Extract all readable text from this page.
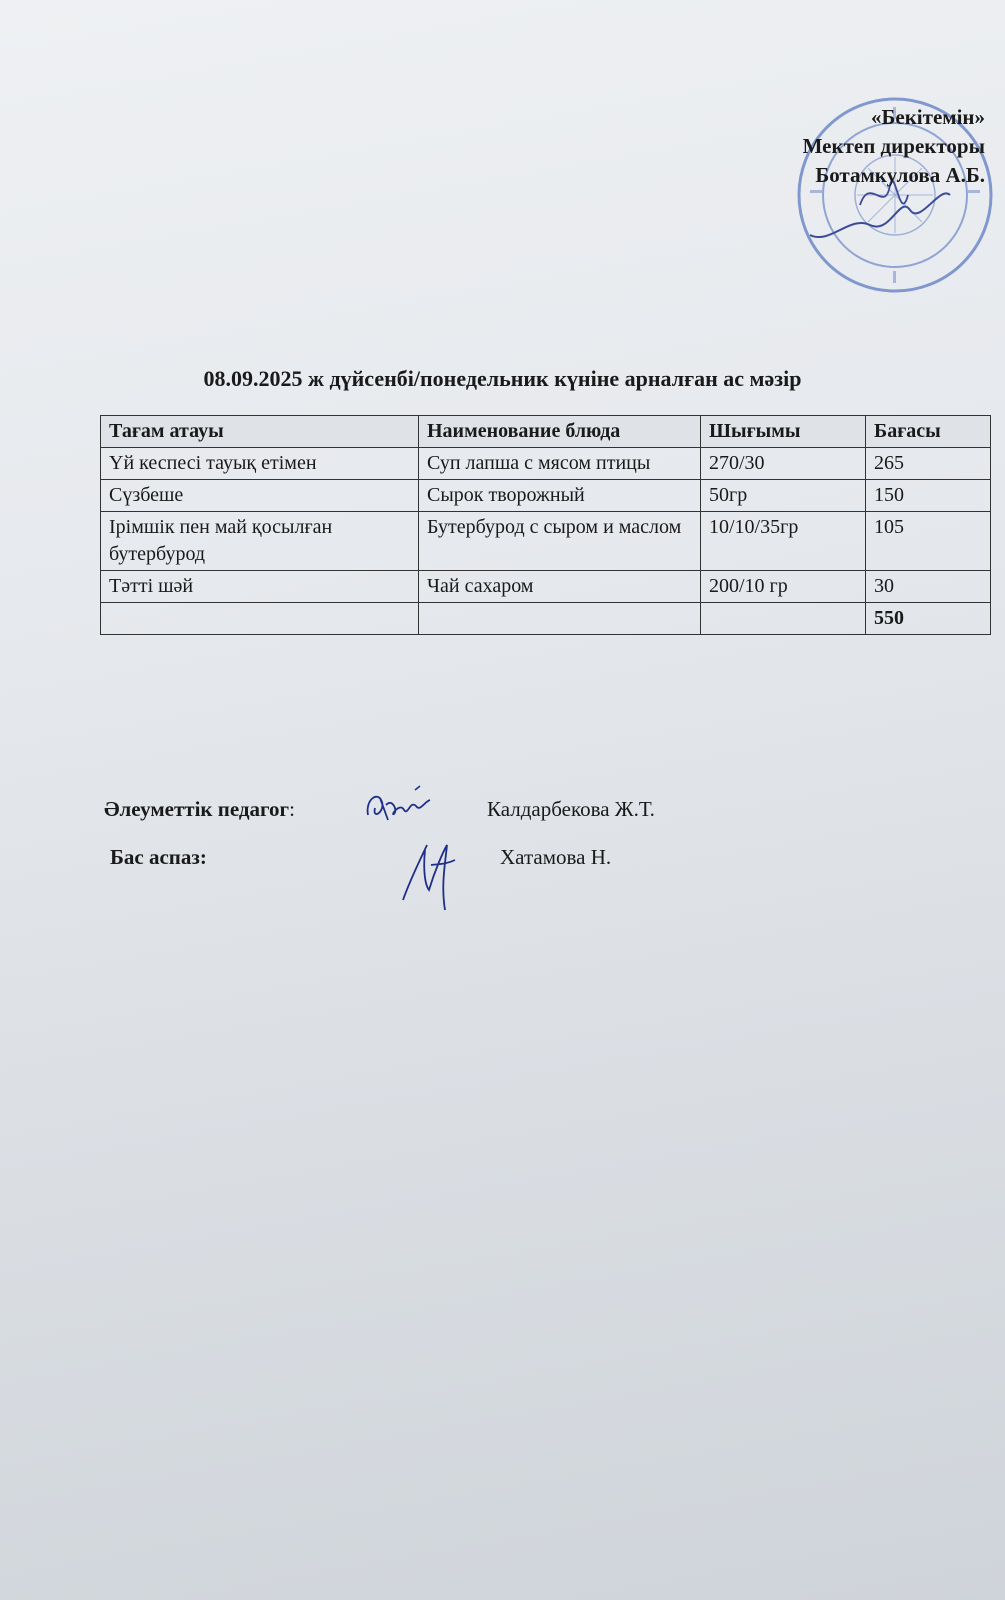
«Бекітемін»
Мектеп директоры
Ботамкулова А.Б.
08.09.2025 ж дүйсенбі/понедельник күніне арналған ас мәзір
Тағам атауы	Наименование блюда	Шығымы	Бағасы
Үй кеспесі тауық етімен	Суп лапша с мясом птицы	270/30	265
Сүзбеше	Сырок творожный	50гр	150
Ірімшік пен май қосылған бутербурод	Бутербурод с сыром и маслом	10/10/35гр	105
Тәтті шәй	Чай сахаром	200/10 гр	30
			550
Әлеуметтік педагог:	Калдарбекова Ж.Т.
Бас аспаз:	Хатамова Н.
